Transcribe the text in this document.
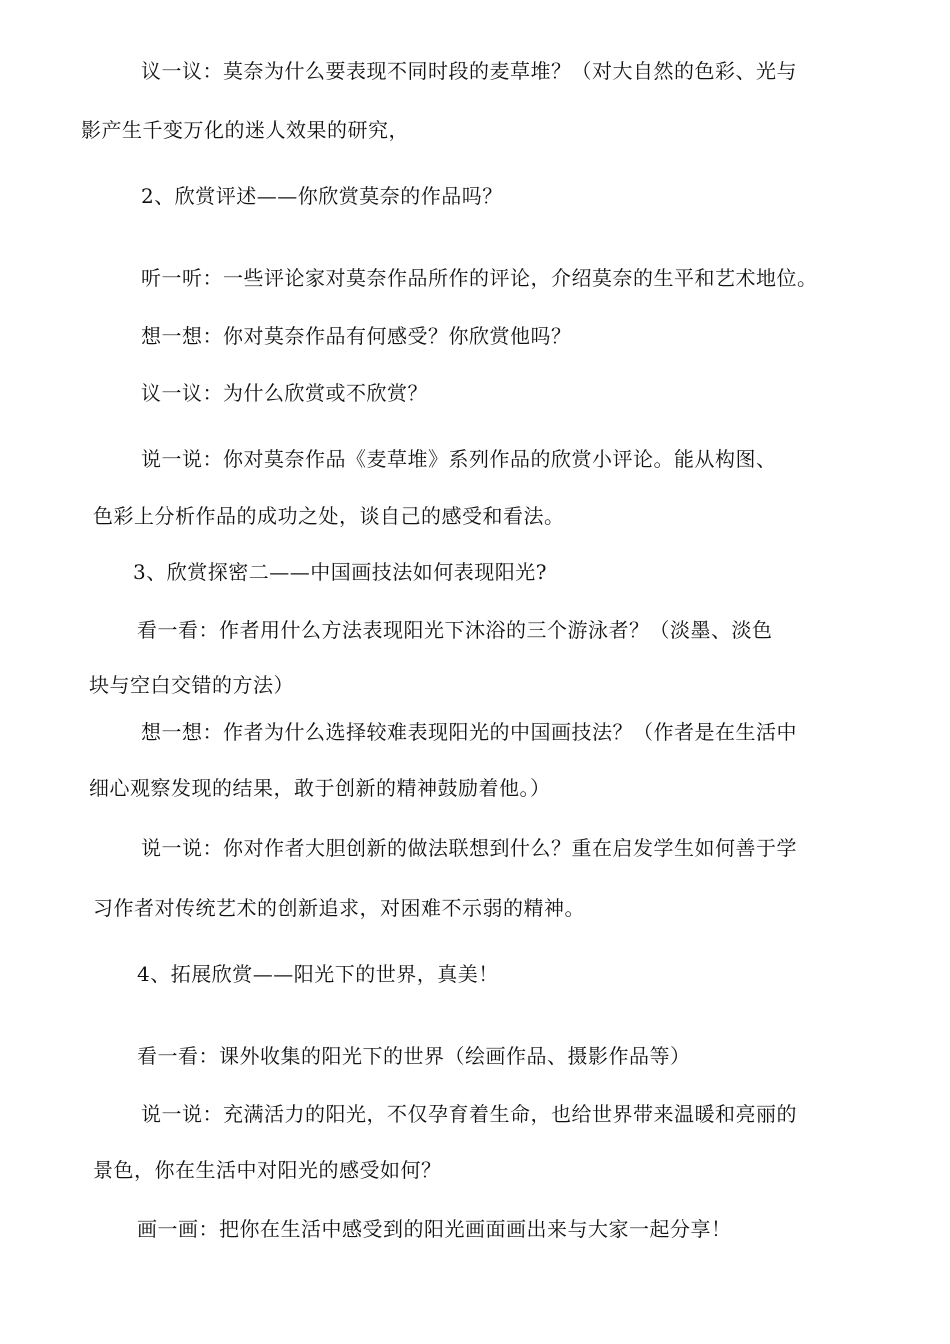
议一议：莫奈为什么要表现不同时段的麦草堆？（对大自然的色彩、光与
影产生千变万化的迷人效果的研究，
2、欣赏评述——你欣赏莫奈的作品吗？
听一听：一些评论家对莫奈作品所作的评论，介绍莫奈的生平和艺术地位。
想一想：你对莫奈作品有何感受？你欣赏他吗？
议一议：为什么欣赏或不欣赏？
说一说：你对莫奈作品《麦草堆》系列作品的欣赏小评论。能从构图、
色彩上分析作品的成功之处，谈自己的感受和看法。
3、欣赏探密二——中国画技法如何表现阳光?
看一看：作者用什么方法表现阳光下沐浴的三个游泳者？（淡墨、淡色
块与空白交错的方法）
想一想：作者为什么选择较难表现阳光的中国画技法？（作者是在生活中
细心观察发现的结果，敢于创新的精神鼓励着他。）
说一说：你对作者大胆创新的做法联想到什么？重在启发学生如何善于学
习作者对传统艺术的创新追求，对困难不示弱的精神。
4、拓展欣赏——阳光下的世界，真美！
看一看：课外收集的阳光下的世界（绘画作品、摄影作品等）
说一说：充满活力的阳光，不仅孕育着生命，也给世界带来温暖和亮丽的
景色，你在生活中对阳光的感受如何？
画一画：把你在生活中感受到的阳光画面画出来与大家一起分享！
